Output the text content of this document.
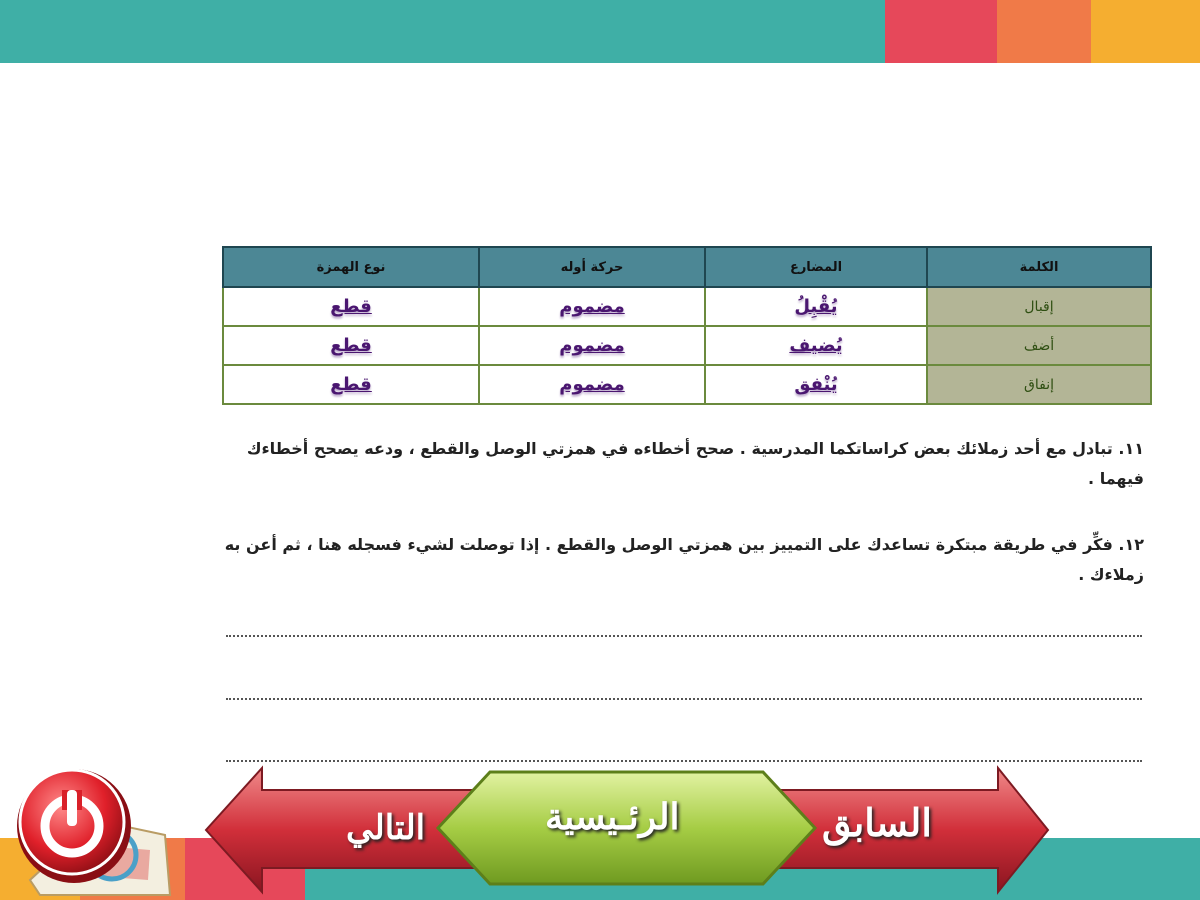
الكلمة	المضارع	حركة أوله	نوع الهمزة
إقبال	يُقْبِلُ	مضموم	قطع
أضف	يُضيف	مضموم	قطع
إنفاق	يُنْفق	مضموم	قطع
١١. تبادل مع أحد زملائك بعض كراساتكما المدرسية . صحح أخطاءه في همزتي الوصل والقطع ، ودعه يصحح أخطاءك فيهما .
١٢. فكِّر في طريقة مبتكرة تساعدك على التمييز بين همزتي الوصل والقطع . إذا توصلت لشيء فسجله هنا ، ثم أعن به زملاءك .
السابق
التالي	الرئـيسية
